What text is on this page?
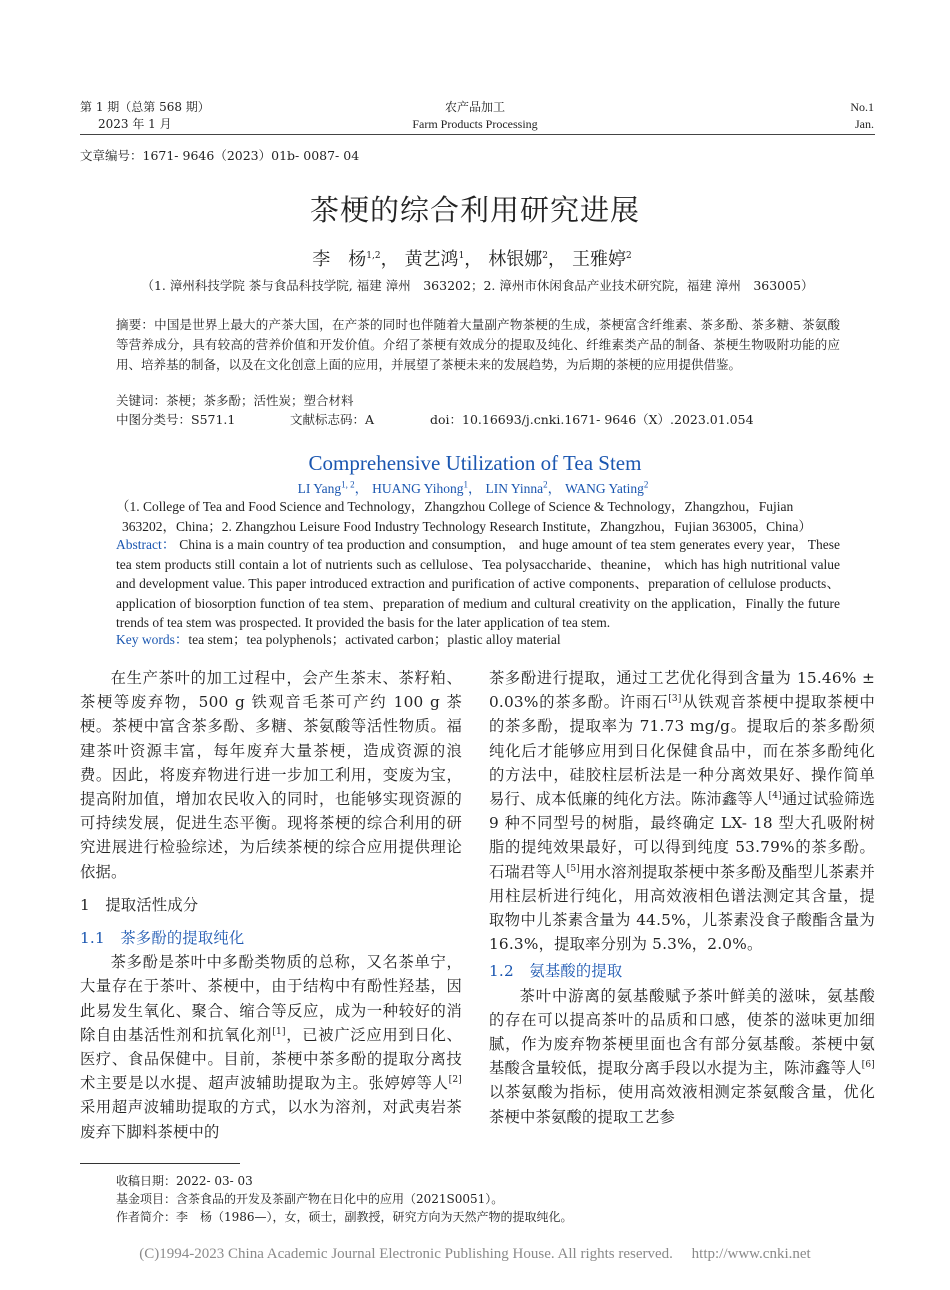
第 1 期（总第 568 期）
2023 年 1 月
农产品加工
Farm Products Processing
No.1
Jan.
文章编号：1671- 9646（2023）01b- 0087- 04
茶梗的综合利用研究进展
李　杨$^{1,2}$， 黄艺鸿$^1$， 林银娜$^2$， 王雅婷$^2$
（1. 漳州科技学院 茶与食品科技学院, 福建 漳州　363202；2. 漳州市休闲食品产业技术研究院，福建 漳州　363005）
摘要：中国是世界上最大的产茶大国，在产茶的同时也伴随着大量副产物茶梗的生成，茶梗富含纤维素、茶多酚、茶多糖、茶氨酸等营养成分，具有较高的营养价值和开发价值。介绍了茶梗有效成分的提取及纯化、纤维素类产品的制备、茶梗生物吸附功能的应用、培养基的制备，以及在文化创意上面的应用，并展望了茶梗未来的发展趋势，为后期的茶梗的应用提供借鉴。
关键词：茶梗；茶多酚；活性炭；塑合材料
中图分类号：S571.1	文献标志码：A	doi：10.16693/j.cnki.1671- 9646（X）.2023.01.054
Comprehensive Utilization of Tea Stem
LI Yang$^{1, 2}$， HUANG Yihong$^1$， LIN Yinna$^2$， WANG Yating$^2$
（1. College of Tea and Food Science and Technology，Zhangzhou College of Science & Technology，Zhangzhou，Fujian
363202，China；2. Zhangzhou Leisure Food Industry Technology Research Institute，Zhangzhou，Fujian 363005，China）
Abstract： China is a main country of tea production and consumption， and huge amount of tea stem generates every year， These tea stem products still contain a lot of nutrients such as cellulose、Tea polysaccharide、theanine， which has high nutritional value and development value. This paper introduced extraction and purification of active components、preparation of cellulose products、application of biosorption function of tea stem、preparation of medium and cultural creativity on the application，Finally the future trends of tea stem was prospected. It provided the basis for the later application of tea stem.
Key words：tea stem；tea polyphenols；activated carbon；plastic alloy material

在生产茶叶的加工过程中，会产生茶末、茶籽粕、茶梗等废弃物，500 g 铁观音毛茶可产约 100 g 茶梗。茶梗中富含茶多酚、多糖、茶氨酸等活性物质。福建茶叶资源丰富，每年废弃大量茶梗，造成资源的浪费。因此，将废弃物进行进一步加工利用，变废为宝，提高附加值，增加农民收入的同时，也能够实现资源的可持续发展，促进生态平衡。现将茶梗的综合利用的研究进展进行检验综述，为后续茶梗的综合应用提供理论依据。

1　提取活性成分

1.1　茶多酚的提取纯化

茶多酚是茶叶中多酚类物质的总称，又名茶单宁，大量存在于茶叶、茶梗中，由于结构中有酚性羟基，因此易发生氧化、聚合、缩合等反应，成为一种较好的消除自由基活性剂和抗氧化剂[1]，已被广泛应用到日化、医疗、食品保健中。目前，茶梗中茶多酚的提取分离技术主要是以水提、超声波辅助提取为主。张婷婷等人[2]采用超声波辅助提取的方式，以水为溶剂，对武夷岩茶废弃下脚料茶梗中的

茶多酚进行提取，通过工艺优化得到含量为 15.46% ± 0.03%的茶多酚。许雨石[3]从铁观音茶梗中提取茶梗中的茶多酚，提取率为 71.73 mg/g。提取后的茶多酚须纯化后才能够应用到日化保健食品中，而在茶多酚纯化的方法中，硅胶柱层析法是一种分离效果好、操作简单易行、成本低廉的纯化方法。陈沛鑫等人[4]通过试验筛选 9 种不同型号的树脂，最终确定 LX- 18 型大孔吸附树脂的提纯效果最好，可以得到纯度 53.79%的茶多酚。石瑞君等人[5]用水溶剂提取茶梗中茶多酚及酯型儿茶素并用柱层析进行纯化，用高效液相色谱法测定其含量，提取物中儿茶素含量为 44.5%，儿茶素没食子酸酯含量为 16.3%，提取率分别为 5.3%，2.0%。

1.2　氨基酸的提取

茶叶中游离的氨基酸赋予茶叶鲜美的滋味，氨基酸的存在可以提高茶叶的品质和口感，使茶的滋味更加细腻，作为废弃物茶梗里面也含有部分氨基酸。茶梗中氨基酸含量较低，提取分离手段以水提为主，陈沛鑫等人[6]以茶氨酸为指标，使用高效液相测定茶氨酸含量，优化茶梗中茶氨酸的提取工艺参

收稿日期：2022- 03- 03
基金项目：含茶食品的开发及茶副产物在日化中的应用（2021S0051）。
作者简介：李　杨（1986—），女，硕士，副教授，研究方向为天然产物的提取纯化。
(C)1994-2023 China Academic Journal Electronic Publishing House. All rights reserved.　 http://www.cnki.net
